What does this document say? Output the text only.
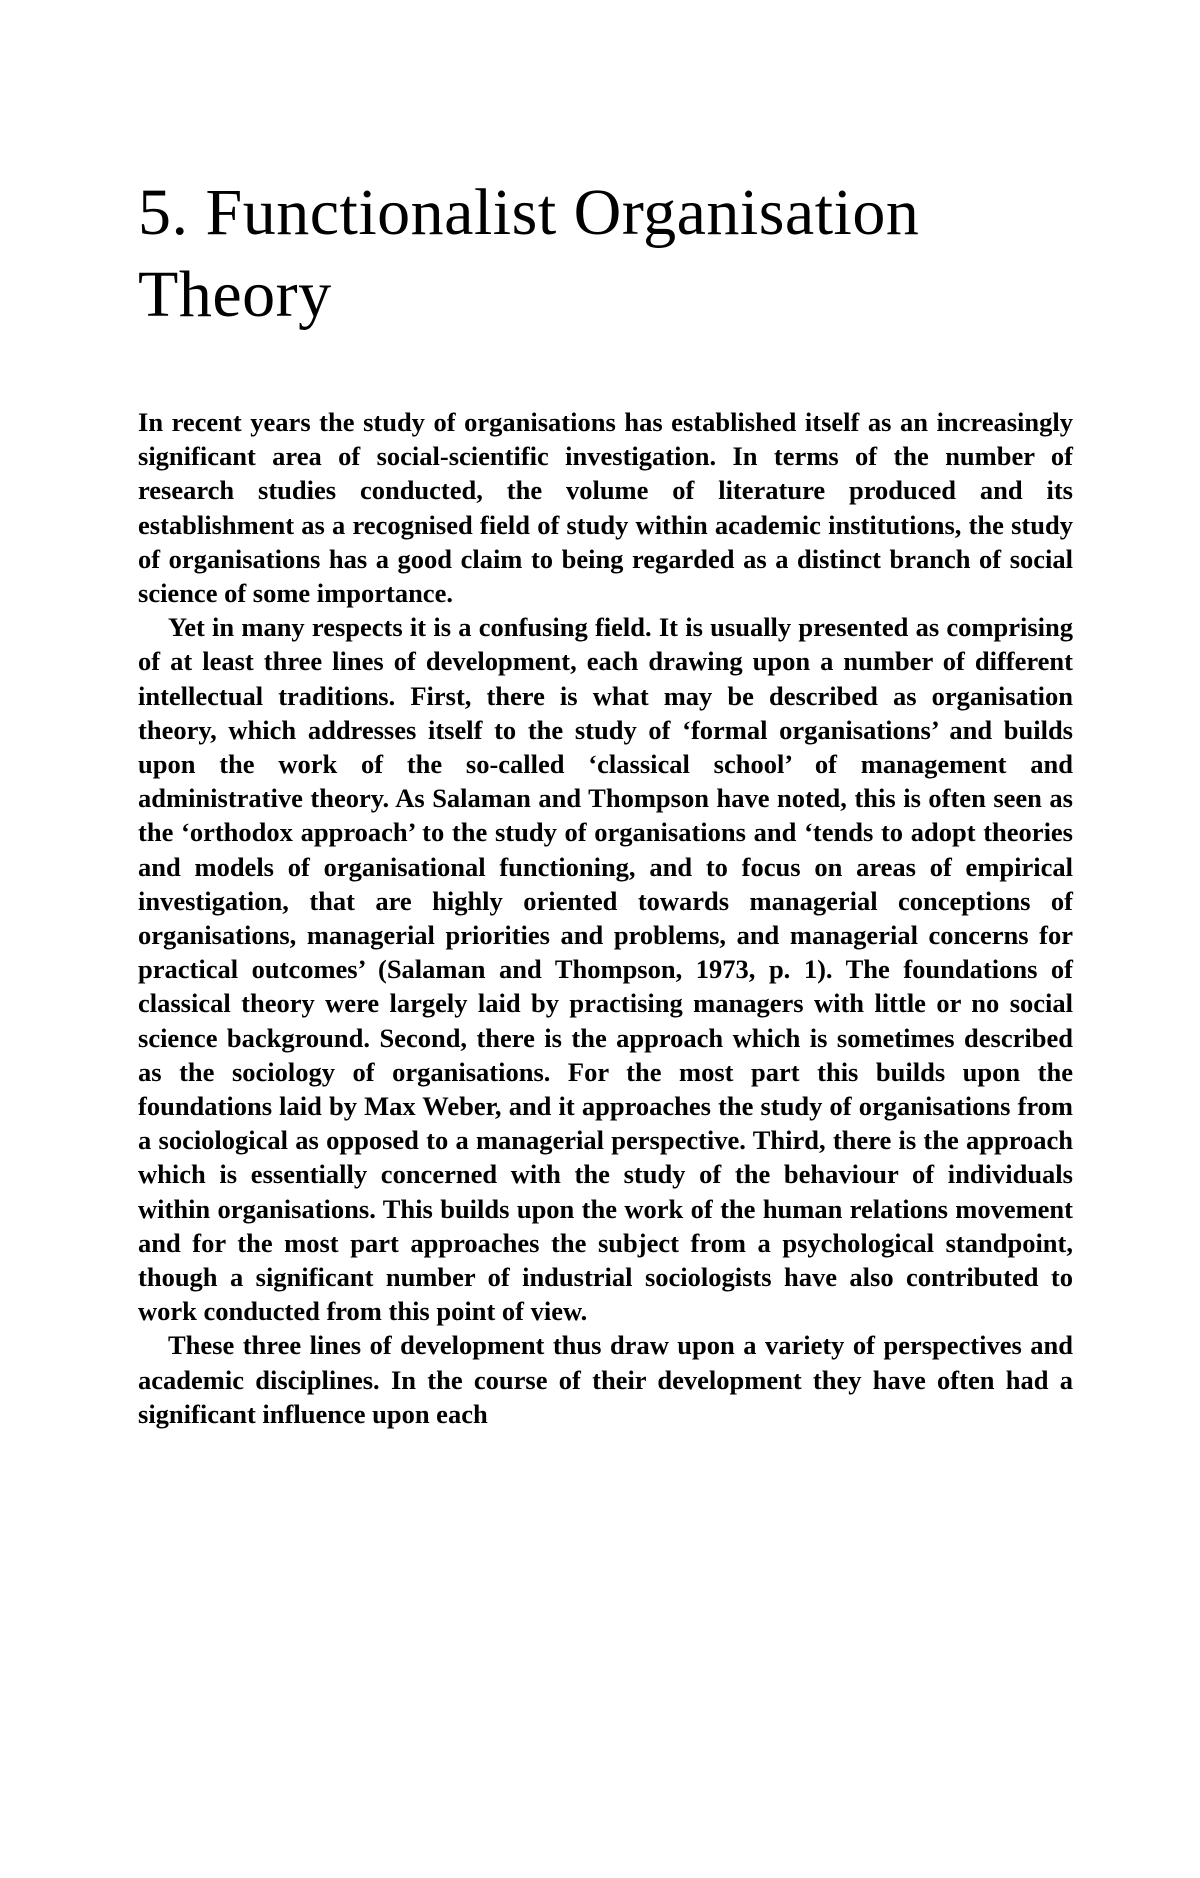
5. Functionalist Organisation Theory

In recent years the study of organisations has established itself as an increasingly significant area of social-scientific investigation. In terms of the number of research studies conducted, the volume of literature produced and its establishment as a recognised field of study within academic institutions, the study of organisations has a good claim to being regarded as a distinct branch of social science of some importance.

Yet in many respects it is a confusing field. It is usually presented as comprising of at least three lines of development, each drawing upon a number of different intellectual traditions. First, there is what may be described as organisation theory, which addresses itself to the study of ‘formal organisations’ and builds upon the work of the so-called ‘classical school’ of management and administrative theory. As Salaman and Thompson have noted, this is often seen as the ‘orthodox approach’ to the study of organisations and ‘tends to adopt theories and models of organisational functioning, and to focus on areas of empirical investigation, that are highly oriented towards managerial conceptions of organisations, managerial priorities and problems, and managerial concerns for practical outcomes’ (Salaman and Thompson, 1973, p. 1). The foundations of classical theory were largely laid by practising managers with little or no social science background. Second, there is the approach which is sometimes described as the sociology of organisations. For the most part this builds upon the foundations laid by Max Weber, and it approaches the study of organisations from a sociological as opposed to a managerial perspective. Third, there is the approach which is essentially concerned with the study of the behaviour of individuals within organisations. This builds upon the work of the human relations movement and for the most part approaches the subject from a psychological standpoint, though a significant number of industrial sociologists have also contributed to work conducted from this point of view.

These three lines of development thus draw upon a variety of perspectives and academic disciplines. In the course of their development they have often had a significant influence upon each
